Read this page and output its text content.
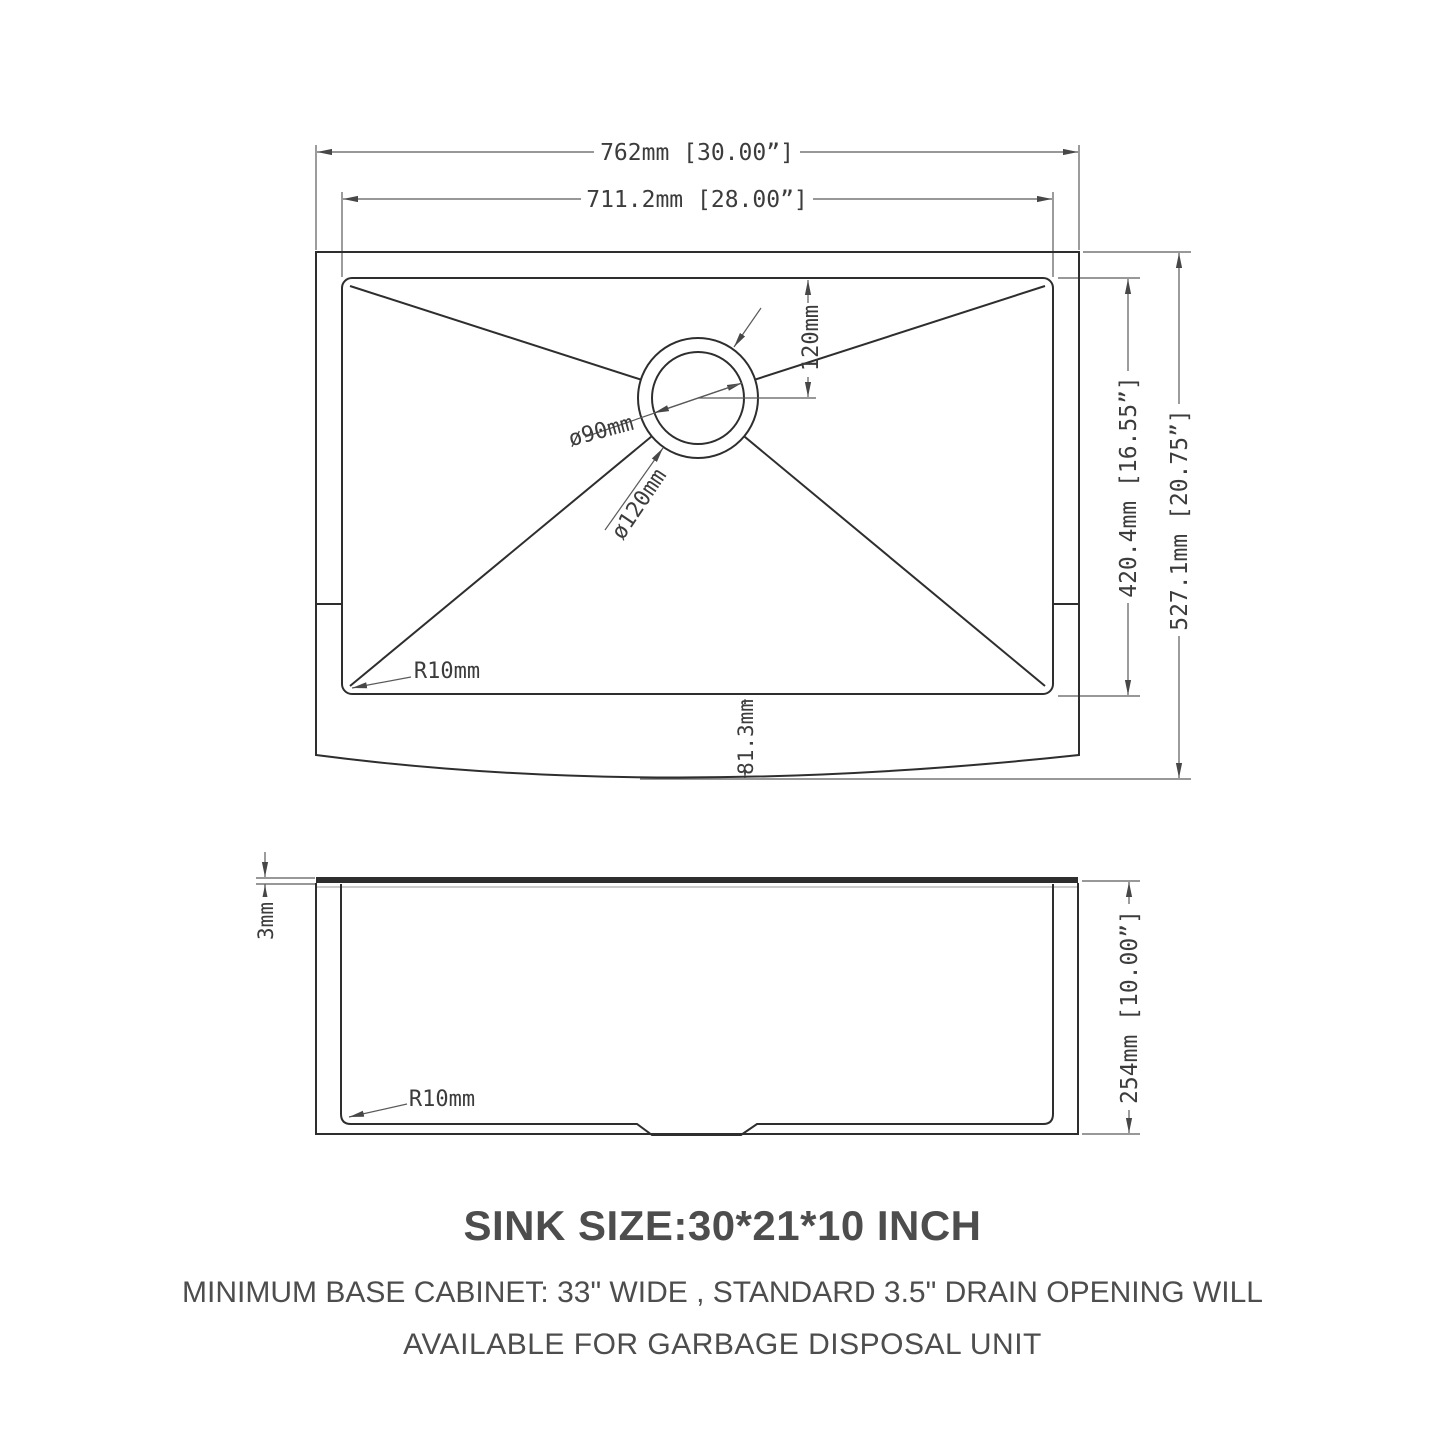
762mm [30.00”]
711.2mm [28.00”]
420.4mm [16.55”] 527.1mm [20.75”]
120mm
81.3mm
ø90mm
ø120mm
R10mm
3mm	254mm [10.00”]
R10mm
SINK SIZE:30*21*10 INCH
MINIMUM BASE CABINET: 33" WIDE , STANDARD 3.5" DRAIN OPENING WILL
AVAILABLE FOR GARBAGE DISPOSAL UNIT
